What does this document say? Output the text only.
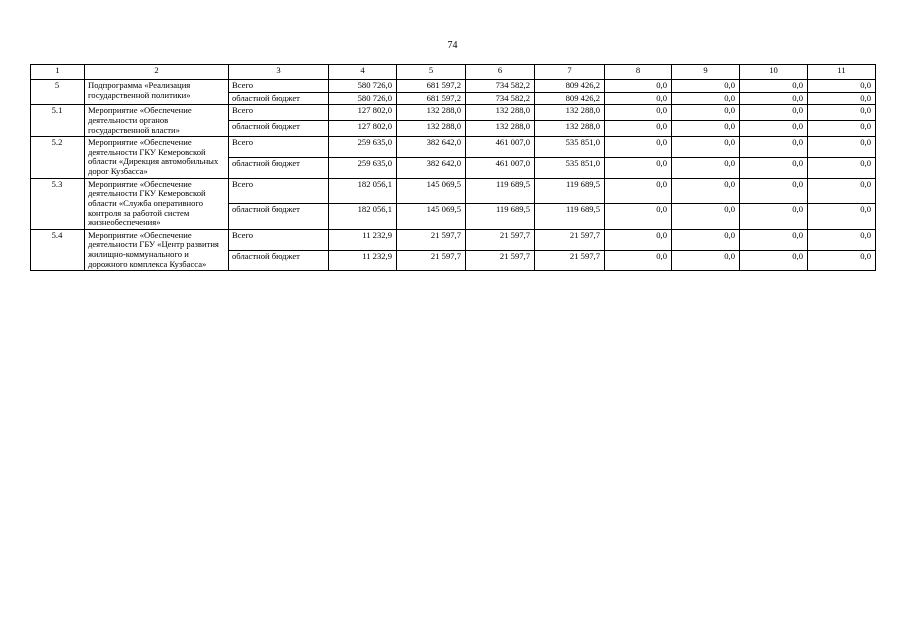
74
1	2	3	4	5	6	7	8	9	10	11
5	Подпрограмма «Реализация государственной политики»	Всего	580 726,0	681 597,2	734 582,2	809 426,2	0,0	0,0	0,0	0,0
		областной бюджет	580 726,0	681 597,2	734 582,2	809 426,2	0,0	0,0	0,0	0,0
5.1	Мероприятие «Обеспечение деятельности органов государственной власти»	Всего	127 802,0	132 288,0	132 288,0	132 288,0	0,0	0,0	0,0	0,0
		областной бюджет	127 802,0	132 288,0	132 288,0	132 288,0	0,0	0,0	0,0	0,0
5.2	Мероприятие «Обеспечение деятельности ГКУ Кемеровской области «Дирекция автомобильных дорог Кузбасса»	Всего	259 635,0	382 642,0	461 007,0	535 851,0	0,0	0,0	0,0	0,0
		областной бюджет	259 635,0	382 642,0	461 007,0	535 851,0	0,0	0,0	0,0	0,0
5.3	Мероприятие «Обеспечение деятельности ГКУ Кемеровской области «Служба оперативного контроля за работой систем жизнеобеспечения»	Всего	182 056,1	145 069,5	119 689,5	119 689,5	0,0	0,0	0,0	0,0
		областной бюджет	182 056,1	145 069,5	119 689,5	119 689,5	0,0	0,0	0,0	0,0
5.4	Мероприятие «Обеспечение деятельности ГБУ «Центр развития жилищно-коммунального и дорожного комплекса Кузбасса»	Всего	11 232,9	21 597,7	21 597,7	21 597,7	0,0	0,0	0,0	0,0
		областной бюджет	11 232,9	21 597,7	21 597,7	21 597,7	0,0	0,0	0,0	0,0
